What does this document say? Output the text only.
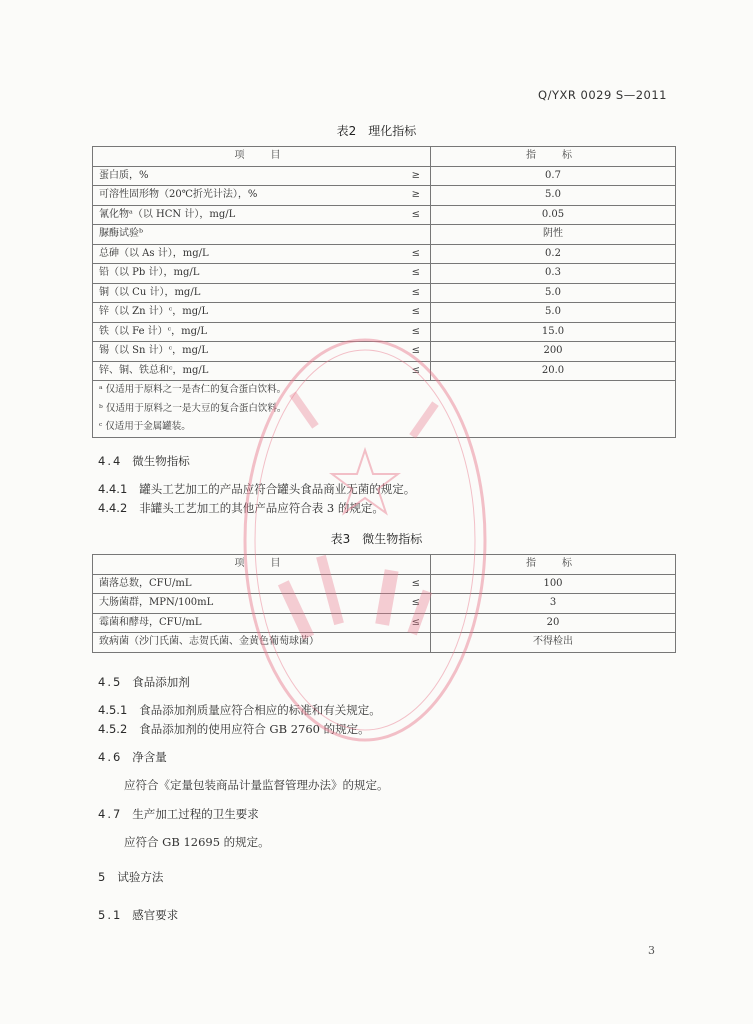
Q/YXR 0029 S—2011
表2　理化指标
项　目		指　标
蛋白质，%	≥	0.7
可溶性固形物（20℃折光计法），%	≥	5.0
氰化物ᵃ（以 HCN 计），mg/L	≤	0.05
脲酶试验ᵇ		阴性
总砷（以 As 计），mg/L	≤	0.2
铅（以 Pb 计），mg/L	≤	0.3
铜（以 Cu 计），mg/L	≤	5.0
锌（以 Zn 计）ᶜ，mg/L	≤	5.0
铁（以 Fe 计）ᶜ，mg/L	≤	15.0
锡（以 Sn 计）ᶜ，mg/L	≤	200
锌、铜、铁总和ᶜ，mg/L	≤	20.0
ᵃ 仅适用于原料之一是杏仁的复合蛋白饮料。		
ᵇ 仅适用于原料之一是大豆的复合蛋白饮料。		
ᶜ 仅适用于金属罐装。		
4.4 微生物指标
4.4.1 罐头工艺加工的产品应符合罐头食品商业无菌的规定。
4.4.2 非罐头工艺加工的其他产品应符合表 3 的规定。
表3　微生物指标
项　目		指　标
菌落总数，CFU/mL	≤	100
大肠菌群，MPN/100mL	≤	3
霉菌和酵母，CFU/mL	≤	20
致病菌（沙门氏菌、志贺氏菌、金黄色葡萄球菌）		不得检出
4.5 食品添加剂
4.5.1 食品添加剂质量应符合相应的标准和有关规定。
4.5.2 食品添加剂的使用应符合 GB 2760 的规定。
4.6 净含量
应符合《定量包装商品计量监督管理办法》的规定。
4.7 生产加工过程的卫生要求
应符合 GB 12695 的规定。
5 试验方法
5.1 感官要求
3
